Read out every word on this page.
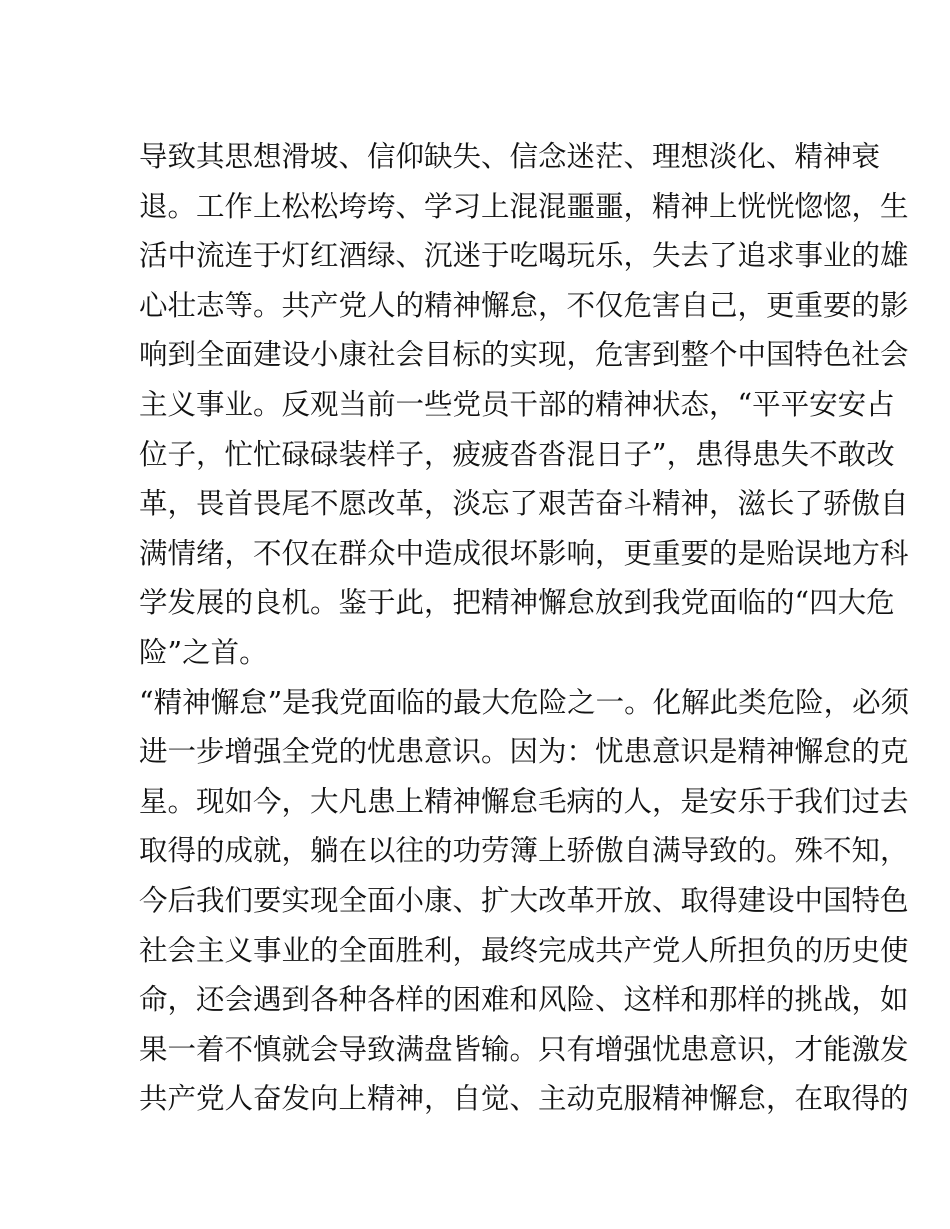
导致其思想滑坡、信仰缺失、信念迷茫、理想淡化、精神衰
退。工作上松松垮垮、学习上混混噩噩，精神上恍恍惚惚，生
活中流连于灯红酒绿、沉迷于吃喝玩乐，失去了追求事业的雄
心壮志等。共产党人的精神懈怠，不仅危害自己，更重要的影
响到全面建设小康社会目标的实现，危害到整个中国特色社会
主义事业。反观当前一些党员干部的精神状态，“平平安安占
位子，忙忙碌碌装样子，疲疲沓沓混日子”，患得患失不敢改
革，畏首畏尾不愿改革，淡忘了艰苦奋斗精神，滋长了骄傲自
满情绪，不仅在群众中造成很坏影响，更重要的是贻误地方科
学发展的良机。鉴于此，把精神懈怠放到我党面临的“四大危
险”之首。
“精神懈怠”是我党面临的最大危险之一。化解此类危险，必须
进一步增强全党的忧患意识。因为：忧患意识是精神懈怠的克
星。现如今，大凡患上精神懈怠毛病的人，是安乐于我们过去
取得的成就，躺在以往的功劳簿上骄傲自满导致的。殊不知，
今后我们要实现全面小康、扩大改革开放、取得建设中国特色
社会主义事业的全面胜利，最终完成共产党人所担负的历史使
命，还会遇到各种各样的困难和风险、这样和那样的挑战，如
果一着不慎就会导致满盘皆输。只有增强忧患意识，才能激发
共产党人奋发向上精神，自觉、主动克服精神懈怠，在取得的
